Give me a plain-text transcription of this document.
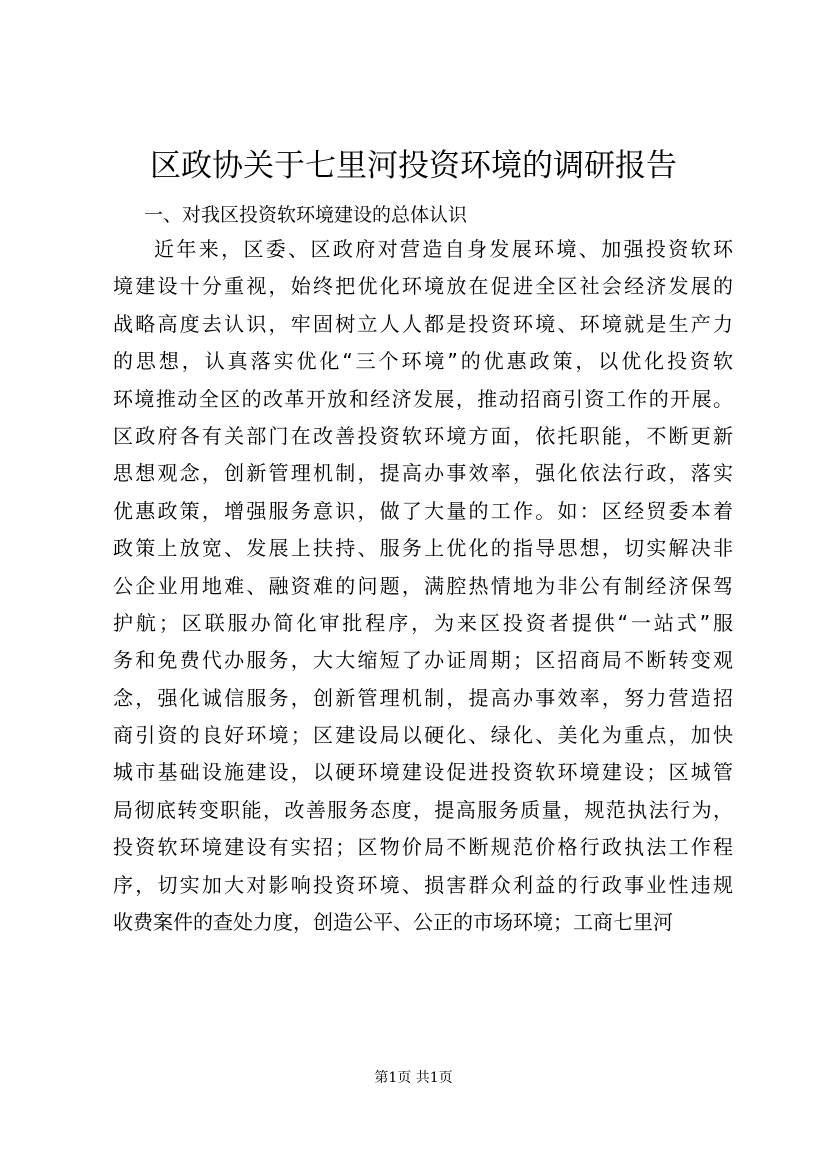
区政协关于七里河投资环境的调研报告

一、对我区投资软环境建设的总体认识

近年来，区委、区政府对营造自身发展环境、加强投资软环
境建设十分重视，始终把优化环境放在促进全区社会经济发展的
战略高度去认识，牢固树立人人都是投资环境、环境就是生产力
的思想，认真落实优化“三个环境”的优惠政策，以优化投资软
环境推动全区的改革开放和经济发展，推动招商引资工作的开展。
区政府各有关部门在改善投资软环境方面，依托职能，不断更新
思想观念，创新管理机制，提高办事效率，强化依法行政，落实
优惠政策，增强服务意识，做了大量的工作。如：区经贸委本着
政策上放宽、发展上扶持、服务上优化的指导思想，切实解决非
公企业用地难、融资难的问题，满腔热情地为非公有制经济保驾
护航；区联服办简化审批程序，为来区投资者提供“一站式”服
务和免费代办服务，大大缩短了办证周期；区招商局不断转变观
念，强化诚信服务，创新管理机制，提高办事效率，努力营造招
商引资的良好环境；区建设局以硬化、绿化、美化为重点，加快
城市基础设施建设，以硬环境建设促进投资软环境建设；区城管
局彻底转变职能，改善服务态度，提高服务质量，规范执法行为，
投资软环境建设有实招；区物价局不断规范价格行政执法工作程
序，切实加大对影响投资环境、损害群众利益的行政事业性违规
收费案件的查处力度，创造公平、公正的市场环境；工商七里河
第1页 共1页
